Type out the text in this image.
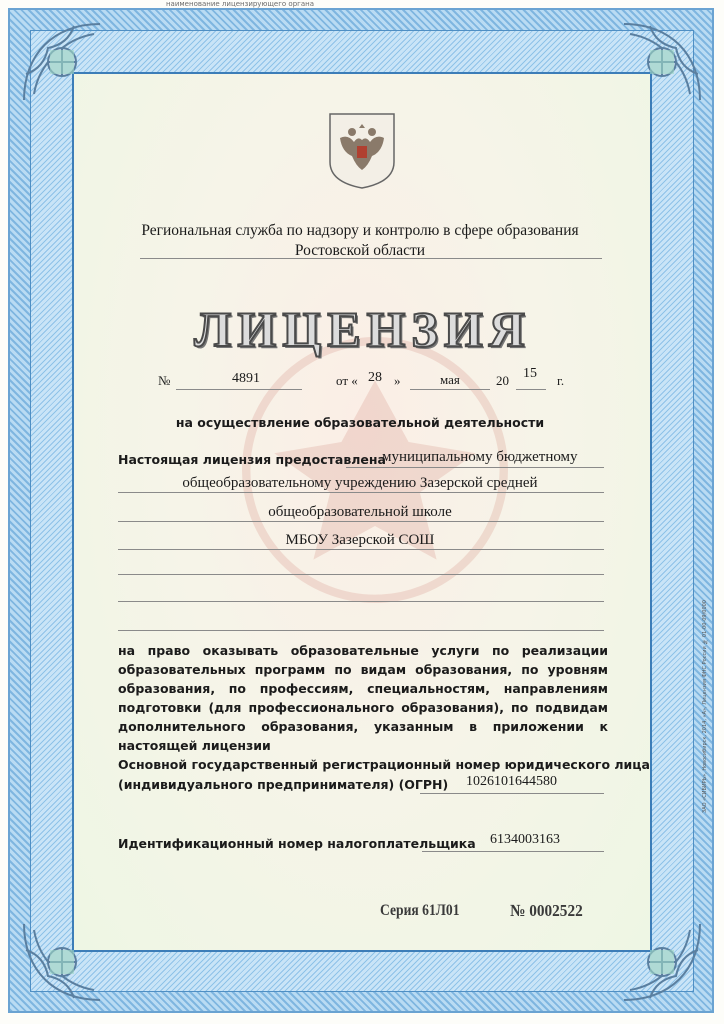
Региональная служба по надзору и контролю в сфере образования
Ростовской области
наименование лицензирующего органа
ЛИЦЕНЗИЯ
№	4891	от « 28 »	мая	20 15 г.
на осуществление образовательной деятельности
Настоящая лицензия предоставлена
муниципальному бюджетному
общеобразовательному учреждению Зазерской средней
общеобразовательной школе
МБОУ Зазерской СОШ
на право оказывать образовательные услуги по реализации образовательных программ по видам образования, по уровням образования, по профессиям, специальностям, направлениям подготовки (для профессионального образования), по подвидам дополнительного образования, указанным в приложении к настоящей лицензии
Основной государственный регистрационный номер юридического лица
(индивидуального предпринимателя) (ОГРН) 1026101644580
Идентификационный номер налогоплательщика 6134003163
Серия 61Л01	№ 0002522
ЗАО «СИБИРЬ», Новосибирск, 2014, «А», Лицензия ФНС России № 01-00-09/0000
